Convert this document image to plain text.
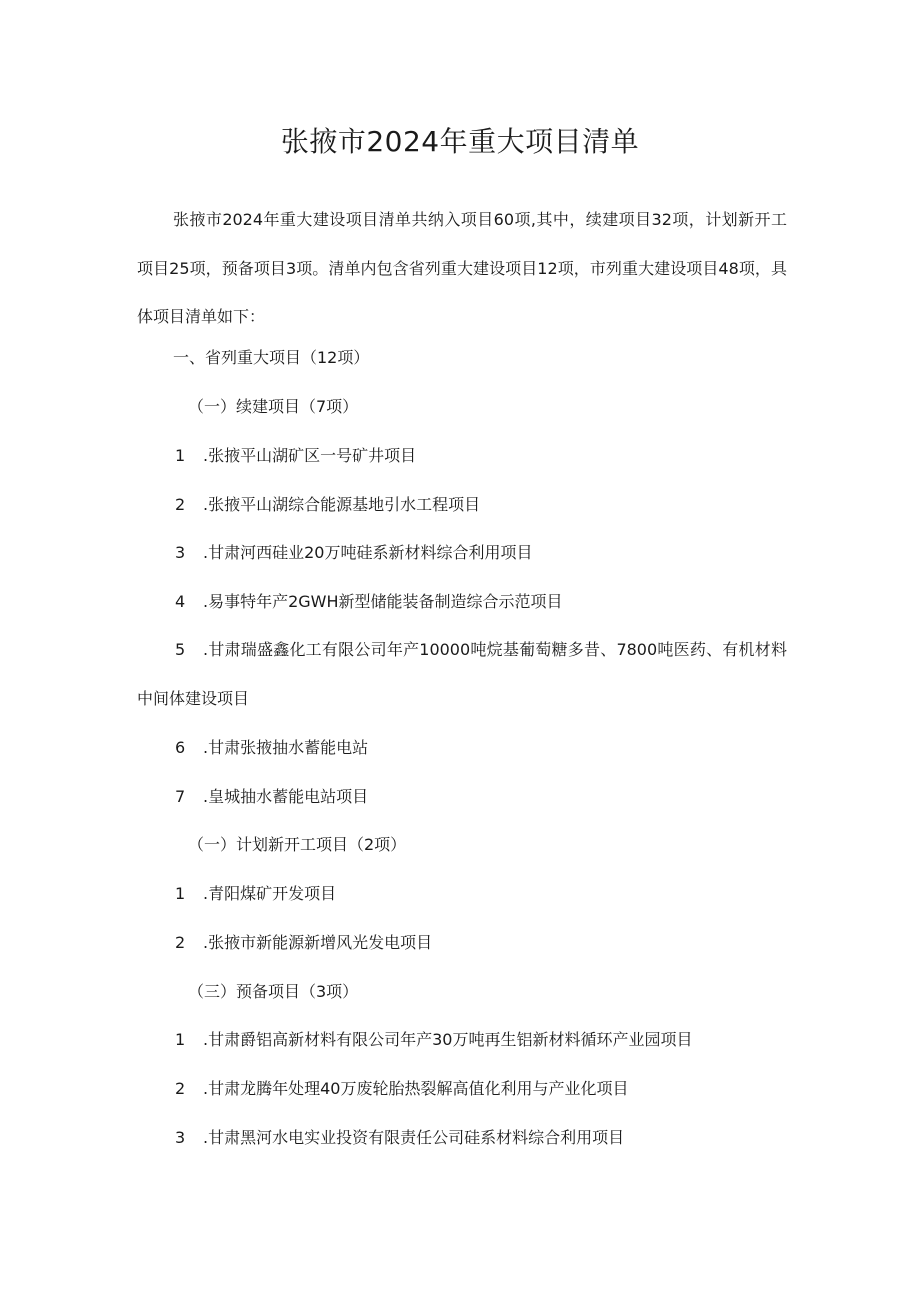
张掖市2024年重大项目清单
张掖市2024年重大建设项目清单共纳入项目60项,其中，续建项目32项，计划新开工项目25项，预备项目3项。清单内包含省列重大建设项目12项，市列重大建设项目48项，具体项目清单如下：
一、省列重大项目（12项）
（一）续建项目（7项）
1 .张掖平山湖矿区一号矿井项目
2 .张掖平山湖综合能源基地引水工程项目
3 .甘肃河西硅业20万吨硅系新材料综合利用项目
4 .易事特年产2GWH新型储能装备制造综合示范项目
5 .甘肃瑞盛鑫化工有限公司年产10000吨烷基葡萄糖多昔、7800吨医药、有机材料中间体建设项目
6 .甘肃张掖抽水蓄能电站
7 .皇城抽水蓄能电站项目
（一）计划新开工项目（2项）
1 .青阳煤矿开发项目
2 .张掖市新能源新增风光发电项目
（三）预备项目（3项）
1 .甘肃爵铝高新材料有限公司年产30万吨再生铝新材料循环产业园项目
2 .甘肃龙腾年处理40万废轮胎热裂解高值化利用与产业化项目
3 .甘肃黑河水电实业投资有限责任公司硅系材料综合利用项目
